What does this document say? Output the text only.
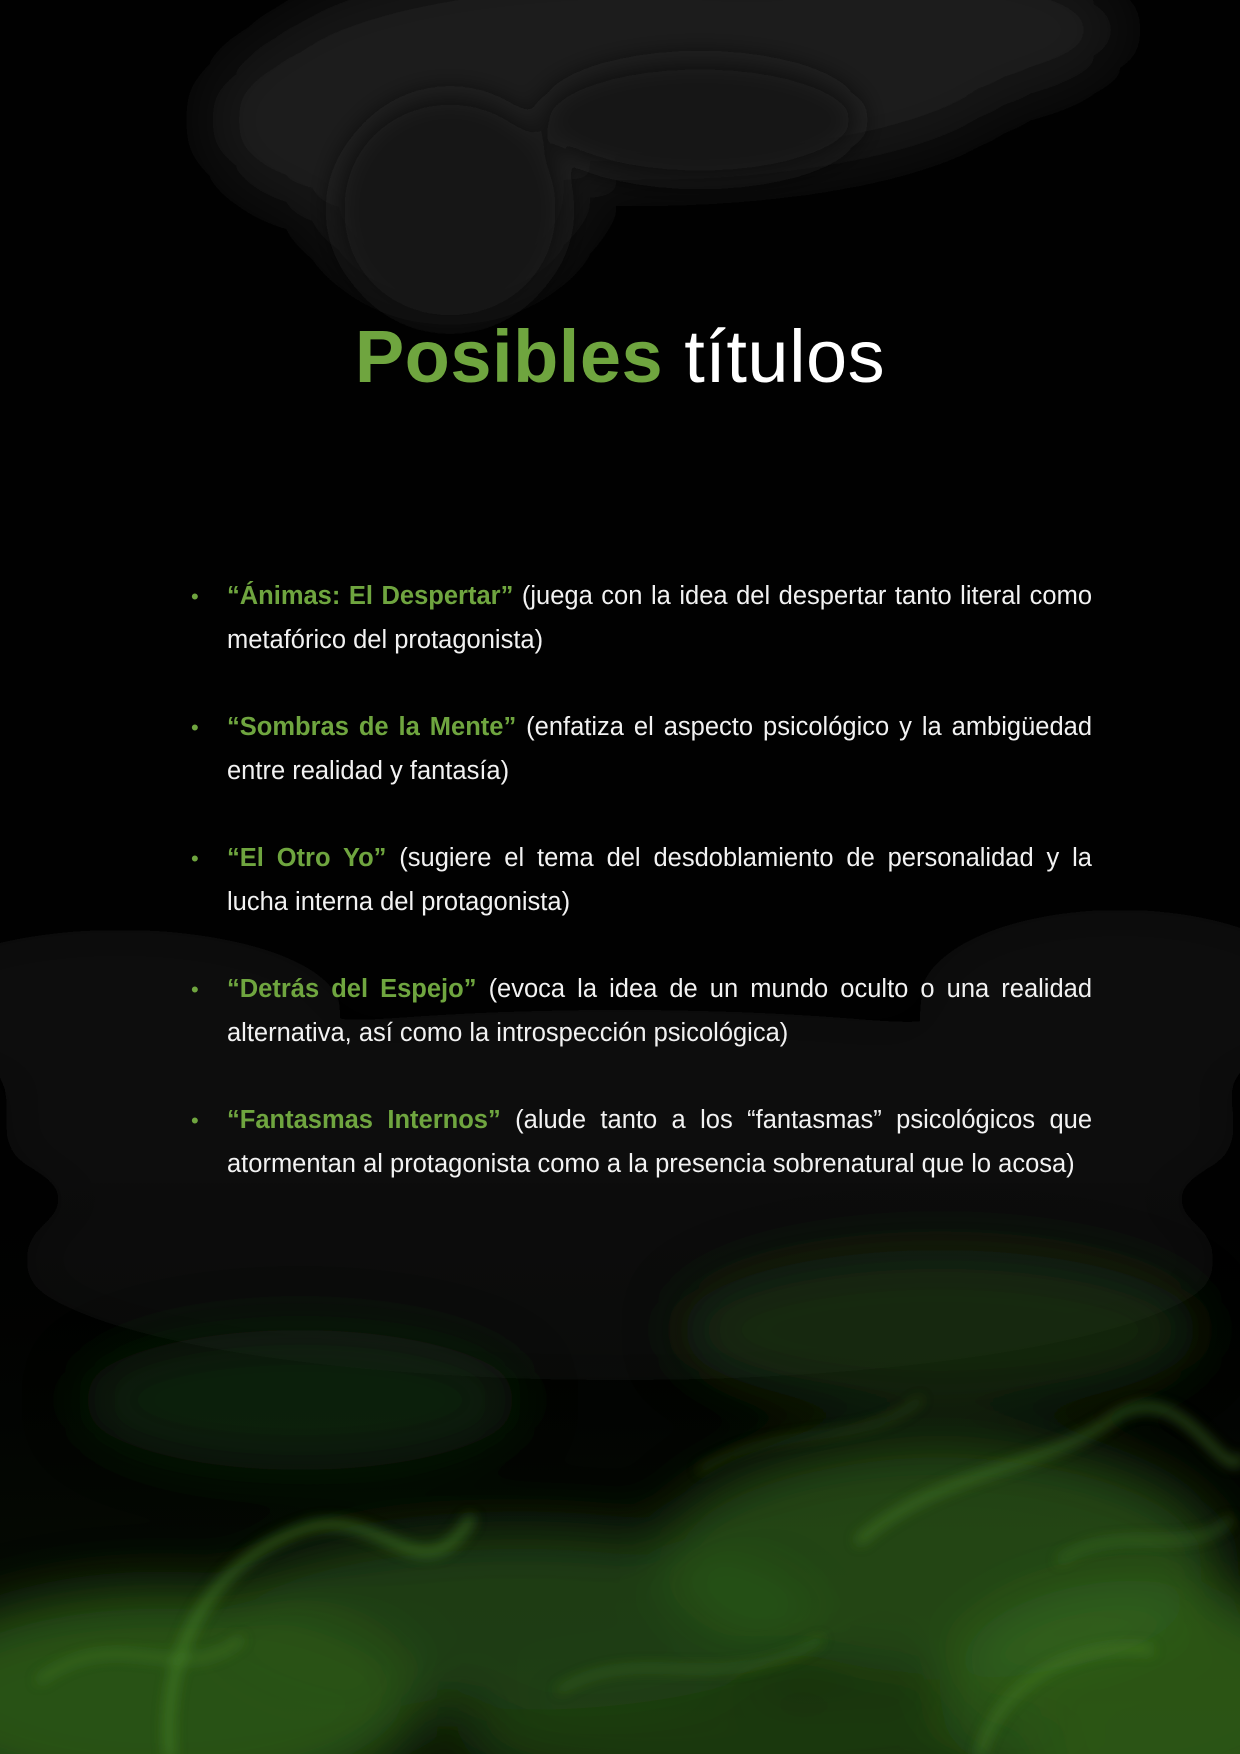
Posibles títulos
• “Ánimas: El Despertar” (juega con la idea del despertar tanto literal como metafórico del protagonista)
• “Sombras de la Mente” (enfatiza el aspecto psicológico y la ambigüedad entre realidad y fantasía)
• “El Otro Yo” (sugiere el tema del desdoblamiento de personalidad y la lucha interna del protagonista)
• “Detrás del Espejo” (evoca la idea de un mundo oculto o una realidad alternativa, así como la introspección psicológica)
• “Fantasmas Internos” (alude tanto a los “fantasmas” psicológicos que atormentan al protagonista como a la presencia sobrenatural que lo acosa)
